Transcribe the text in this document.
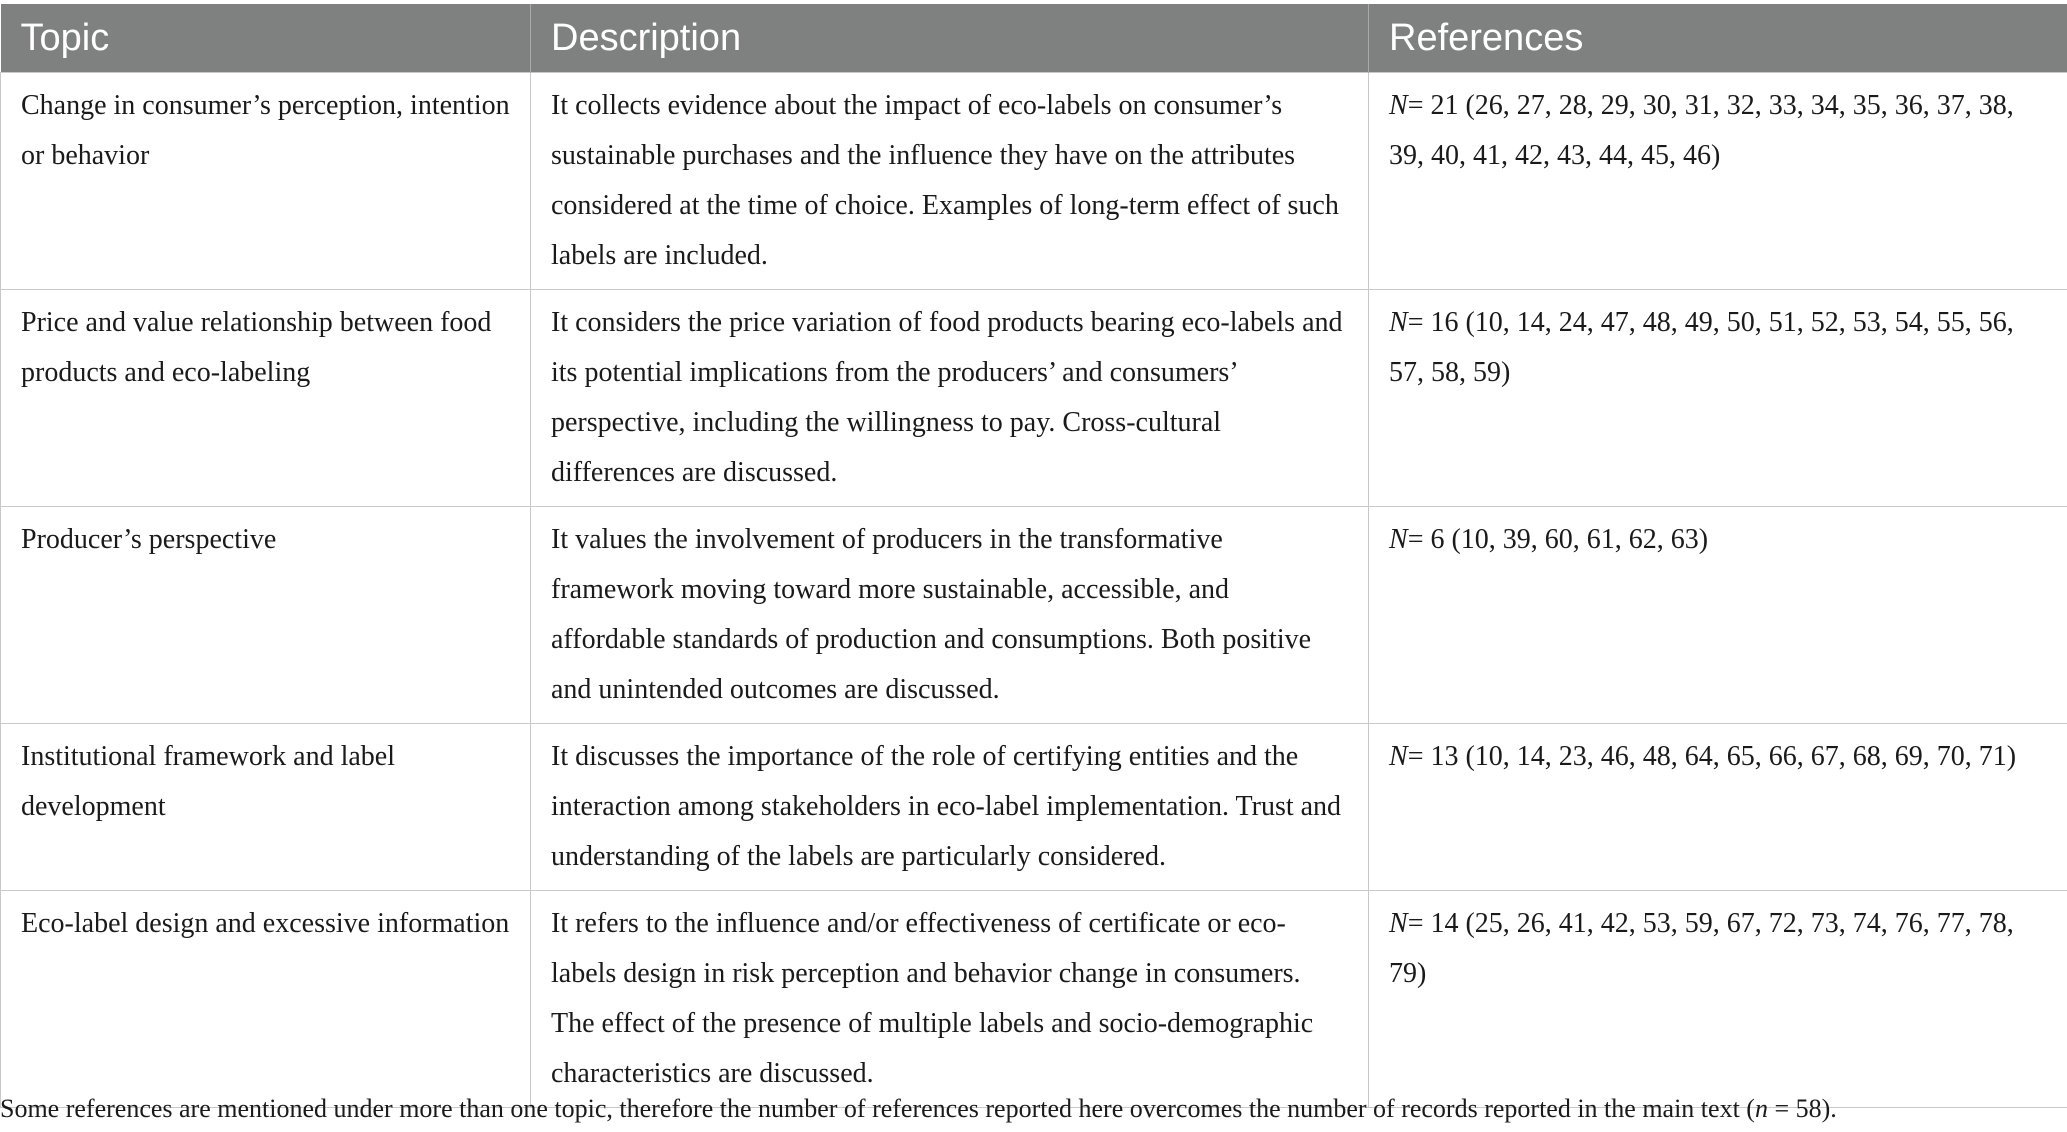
Topic	Description	References
Change in consumer’s perception, intention or behavior	It collects evidence about the impact of eco-labels on consumer’s sustainable purchases and the influence they have on the attributes considered at the time of choice. Examples of long-term effect of such labels are included.	N= 21 (26, 27, 28, 29, 30, 31, 32, 33, 34, 35, 36, 37, 38, 39, 40, 41, 42, 43, 44, 45, 46)
Price and value relationship between food products and eco-labeling	It considers the price variation of food products bearing eco-labels and its potential implications from the producers’ and consumers’ perspective, including the willingness to pay. Cross-cultural differences are discussed.	N= 16 (10, 14, 24, 47, 48, 49, 50, 51, 52, 53, 54, 55, 56, 57, 58, 59)
Producer’s perspective	It values the involvement of producers in the transformative framework moving toward more sustainable, accessible, and affordable standards of production and consumptions. Both positive and unintended outcomes are discussed.	N= 6 (10, 39, 60, 61, 62, 63)
Institutional framework and label development	It discusses the importance of the role of certifying entities and the interaction among stakeholders in eco-label implementation. Trust and understanding of the labels are particularly considered.	N= 13 (10, 14, 23, 46, 48, 64, 65, 66, 67, 68, 69, 70, 71)
Eco-label design and excessive information	It refers to the influence and/or effectiveness of certificate or eco-labels design in risk perception and behavior change in consumers. The effect of the presence of multiple labels and socio-demographic characteristics are discussed.	N= 14 (25, 26, 41, 42, 53, 59, 67, 72, 73, 74, 76, 77, 78, 79)
Some references are mentioned under more than one topic, therefore the number of references reported here overcomes the number of records reported in the main text (n = 58).
